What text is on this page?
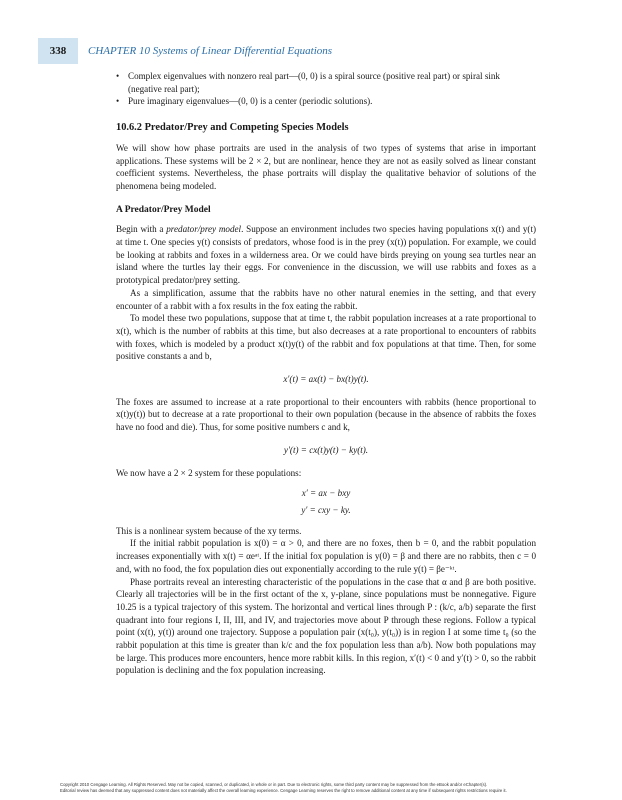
338	CHAPTER 10 Systems of Linear Differential Equations
• Complex eigenvalues with nonzero real part—(0, 0) is a spiral source (positive real part) or spiral sink (negative real part);
• Pure imaginary eigenvalues—(0, 0) is a center (periodic solutions).
10.6.2 Predator/Prey and Competing Species Models

We will show how phase portraits are used in the analysis of two types of systems that arise in important applications. These systems will be 2 × 2, but are nonlinear, hence they are not as easily solved as linear constant coefficient systems. Nevertheless, the phase portraits will display the qualitative behavior of solutions of the phenomena being modeled.

A Predator/Prey Model

Begin with a predator/prey model. Suppose an environment includes two species having populations x(t) and y(t) at time t. One species y(t) consists of predators, whose food is in the prey (x(t)) population. For example, we could be looking at rabbits and foxes in a wilderness area. Or we could have birds preying on young sea turtles near an island where the turtles lay their eggs. For convenience in the discussion, we will use rabbits and foxes as a prototypical predator/prey setting.

As a simplification, assume that the rabbits have no other natural enemies in the setting, and that every encounter of a rabbit with a fox results in the fox eating the rabbit.

To model these two populations, suppose that at time t, the rabbit population increases at a rate proportional to x(t), which is the number of rabbits at this time, but also decreases at a rate proportional to encounters of rabbits with foxes, which is modeled by a product x(t)y(t) of the rabbit and fox populations at that time. Then, for some positive constants a and b,

x′(t) = ax(t) − bx(t)y(t).

The foxes are assumed to increase at a rate proportional to their encounters with rabbits (hence proportional to x(t)y(t)) but to decrease at a rate proportional to their own population (because in the absence of rabbits the foxes have no food and die). Thus, for some positive numbers c and k,

y′(t) = cx(t)y(t) − ky(t).

We now have a 2 × 2 system for these populations:

x′ = ax − bxy
y′ = cxy − ky.

This is a nonlinear system because of the xy terms.

If the initial rabbit population is x(0) = α > 0, and there are no foxes, then b = 0, and the rabbit population increases exponentially with x(t) = αeᵃᵗ. If the initial fox population is y(0) = β and there are no rabbits, then c = 0 and, with no food, the fox population dies out exponentially according to the rule y(t) = βe⁻ᵏᵗ.

Phase portraits reveal an interesting characteristic of the populations in the case that α and β are both positive. Clearly all trajectories will be in the first octant of the x, y-plane, since populations must be nonnegative. Figure 10.25 is a typical trajectory of this system. The horizontal and vertical lines through P : (k/c, a/b) separate the first quadrant into four regions I, II, III, and IV, and trajectories move about P through these regions. Follow a typical point (x(t), y(t)) around one trajectory. Suppose a population pair (x(t₀), y(t₀)) is in region I at some time t₀ (so the rabbit population at this time is greater than k/c and the fox population less than a/b). Now both populations may be large. This produces more encounters, hence more rabbit kills. In this region, x′(t) < 0 and y′(t) > 0, so the rabbit population is declining and the fox population increasing.

Copyright 2010 Cengage Learning. All Rights Reserved. May not be copied, scanned, or duplicated, in whole or in part. Due to electronic rights, some third party content may be suppressed from the eBook and/or eChapter(s).
Editorial review has deemed that any suppressed content does not materially affect the overall learning experience. Cengage Learning reserves the right to remove additional content at any time if subsequent rights restrictions require it.
